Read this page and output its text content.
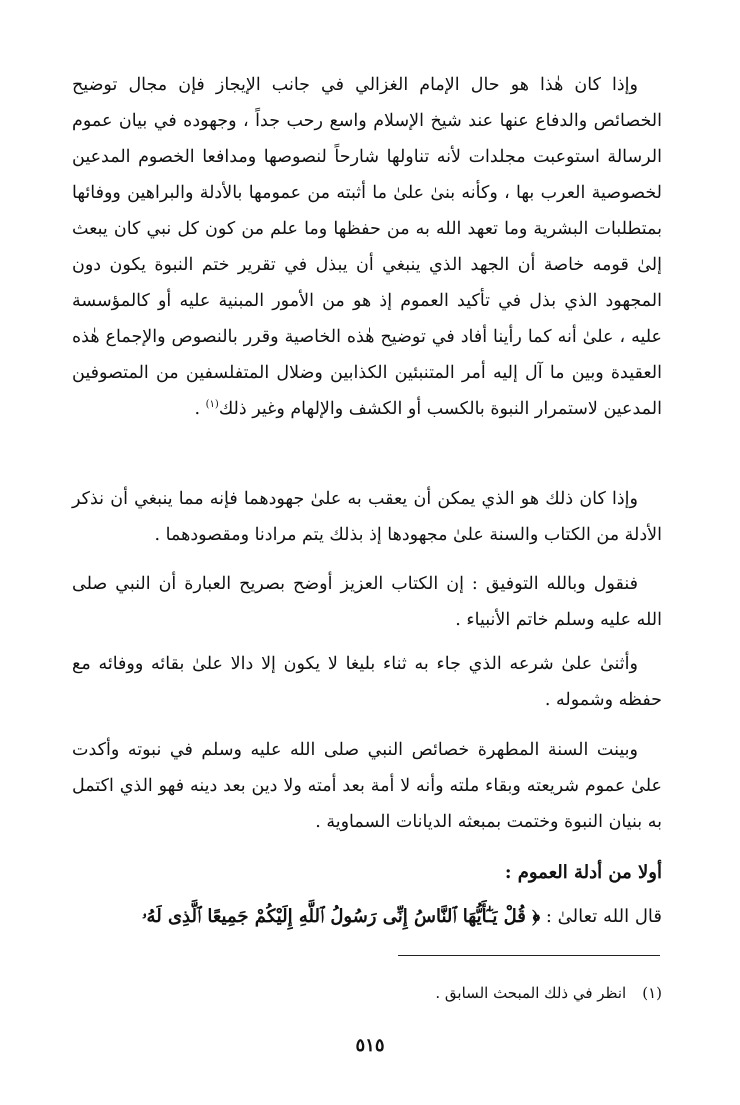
وإذا كان هٰذا هو حال الإمام الغزالي في جانب الإيجاز فإن مجال توضيح الخصائص والدفاع عنها عند شيخ الإسلام واسع رحب جداً ، وجهوده في بيان عموم الرسالة استوعبت مجلدات لأنه تناولها شارحاً لنصوصها ومدافعا الخصوم المدعين لخصوصية العرب بها ، وكأنه بنىٰ علىٰ ما أثبته من عمومها بالأدلة والبراهين ووفائها بمتطلبات البشرية وما تعهد الله به من حفظها وما علم من كون كل نبي كان يبعث إلىٰ قومه خاصة أن الجهد الذي ينبغي أن يبذل في تقرير ختم النبوة يكون دون المجهود الذي بذل في تأكيد العموم إذ هو من الأمور المبنية عليه أو كالمؤسسة عليه ، علىٰ أنه كما رأينا أفاد في توضيح هٰذه الخاصية وقرر بالنصوص والإجماع هٰذه العقيدة وبين ما آل إليه أمر المتنبئين الكذابين وضلال المتفلسفين من المتصوفين المدعين لاستمرار النبوة بالكسب أو الكشف والإلهام وغير ذلك$^{(١)}$ .

وإذا كان ذلك هو الذي يمكن أن يعقب به علىٰ جهودهما فإنه مما ينبغي أن نذكر الأدلة من الكتاب والسنة علىٰ مجهودها إذ بذلك يتم مرادنا ومقصودهما .

فنقول وبالله التوفيق : إن الكتاب العزيز أوضح بصريح العبارة أن النبي صلى الله عليه وسلم خاتم الأنبياء .

وأثنىٰ علىٰ شرعه الذي جاء به ثناء بليغا لا يكون إلا دالا علىٰ بقائه ووفائه مع حفظه وشموله .

وبينت السنة المطهرة خصائص النبي صلى الله عليه وسلم في نبوته وأكدت علىٰ عموم شريعته وبقاء ملته وأنه لا أمة بعد أمته ولا دين بعد دينه فهو الذي اكتمل به بنيان النبوة وختمت بمبعثه الديانات السماوية .

أولا من أدلة العموم :

قال الله تعالىٰ : ﴿ قُلْ يَـٰٓأَيُّهَا ٱلنَّاسُ إِنِّى رَسُولُ ٱللَّهِ إِلَيْكُمْ جَمِيعًا ٱلَّذِى لَهُۥ

(١)انظر في ذلك المبحث السابق .

٥١٥
